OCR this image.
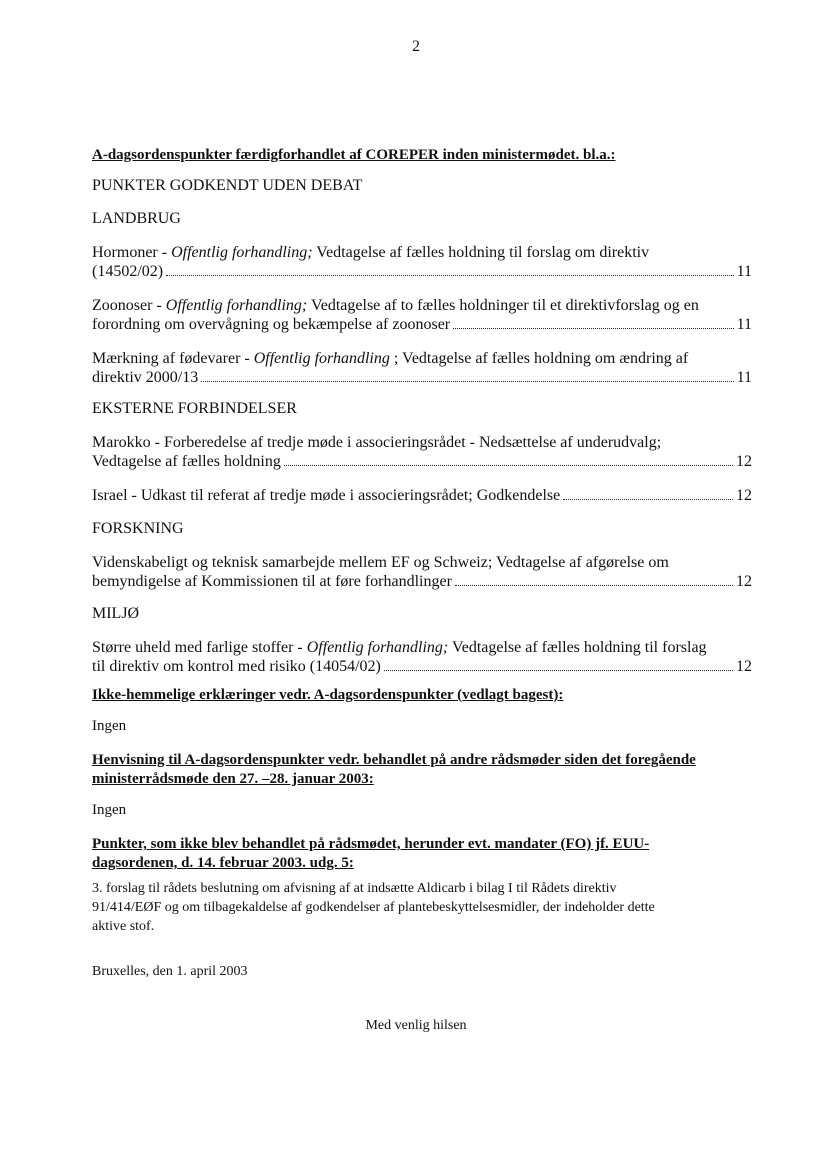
2
A-dagsordenspunkter færdigforhandlet af COREPER inden ministermødet. bl.a.:
PUNKTER GODKENDT UDEN DEBAT
LANDBRUG
Hormoner - Offentlig forhandling; Vedtagelse af fælles holdning til forslag om direktiv
(14502/02)	11
Zoonoser - Offentlig forhandling; Vedtagelse af to fælles holdninger til et direktivforslag og en
forordning om overvågning og bekæmpelse af zoonoser	11
Mærkning af fødevarer - Offentlig forhandling ; Vedtagelse af fælles holdning om ændring af
direktiv 2000/13	11
EKSTERNE FORBINDELSER
Marokko - Forberedelse af tredje møde i associeringsrådet - Nedsættelse af underudvalg;
Vedtagelse af fælles holdning	12
Israel - Udkast til referat af tredje møde i associeringsrådet; Godkendelse	12
FORSKNING
Videnskabeligt og teknisk samarbejde mellem EF og Schweiz; Vedtagelse af afgørelse om
bemyndigelse af Kommissionen til at føre forhandlinger	12
MILJØ
Større uheld med farlige stoffer - Offentlig forhandling; Vedtagelse af fælles holdning til forslag
til direktiv om kontrol med risiko (14054/02)	12
Ikke-hemmelige erklæringer vedr. A-dagsordenspunkter (vedlagt bagest):
Ingen
Henvisning til A-dagsordenspunkter vedr. behandlet på andre rådsmøder siden det foregående
ministerrådsmøde den 27. –28. januar 2003:
Ingen
Punkter, som ikke blev behandlet på rådsmødet, herunder evt. mandater (FO) jf. EUU-
dagsordenen, d. 14. februar 2003. udg. 5:
3. forslag til rådets beslutning om afvisning af at indsætte Aldicarb i bilag I til Rådets direktiv
91/414/EØF og om tilbagekaldelse af godkendelser af plantebeskyttelsesmidler, der indeholder dette
aktive stof.
Bruxelles, den 1. april 2003
Med venlig hilsen
